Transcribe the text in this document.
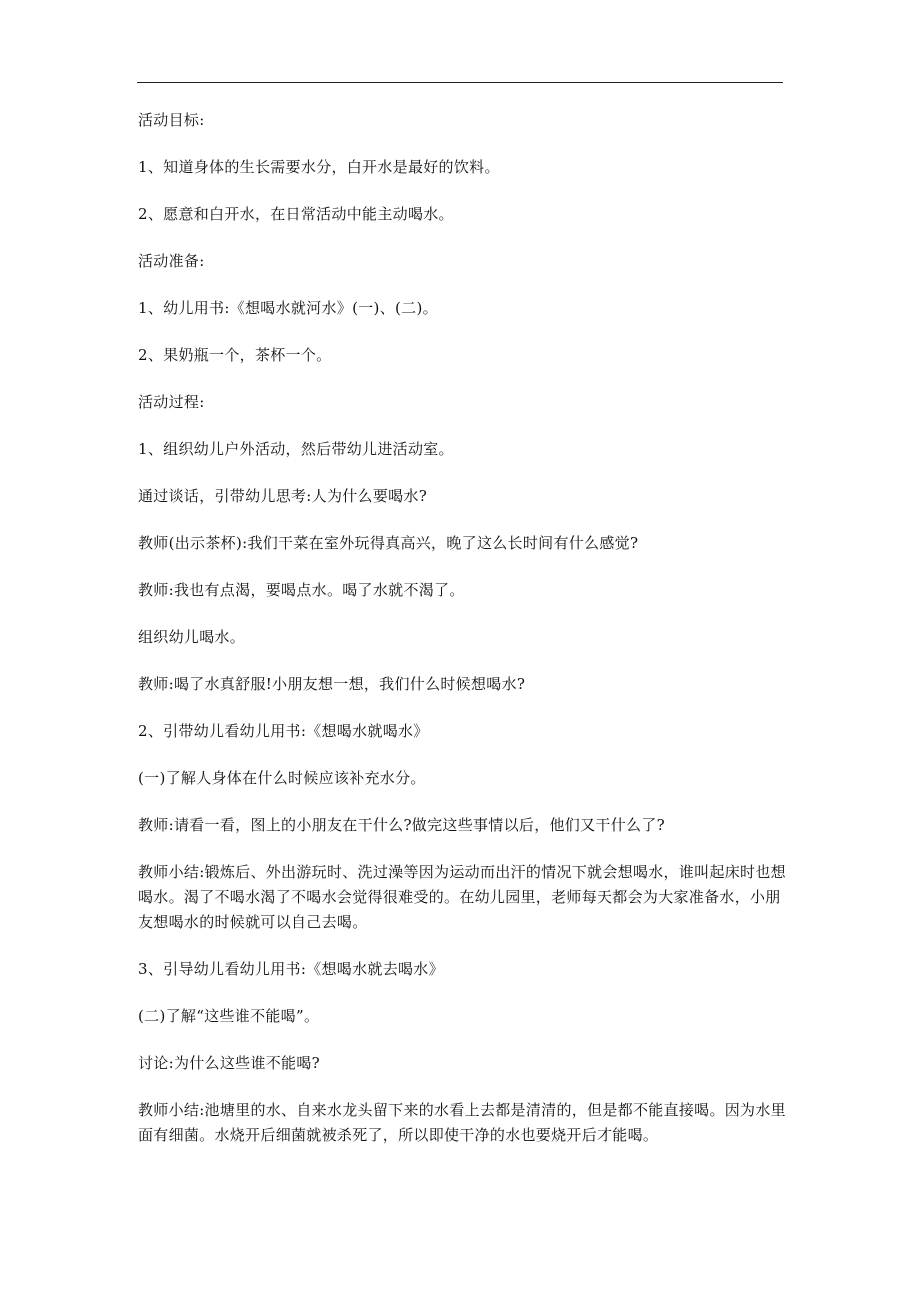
活动目标:

1、知道身体的生长需要水分，白开水是最好的饮料。

2、愿意和白开水，在日常活动中能主动喝水。

活动准备:

1、幼儿用书:《想喝水就河水》(一)、(二)。

2、果奶瓶一个，茶杯一个。

活动过程:

1、组织幼儿户外活动，然后带幼儿进活动室。

通过谈话，引带幼儿思考:人为什么要喝水?

教师(出示茶杯):我们干菜在室外玩得真高兴，晚了这么长时间有什么感觉?

教师:我也有点渴，要喝点水。喝了水就不渴了。

组织幼儿喝水。

教师:喝了水真舒服!小朋友想一想，我们什么时候想喝水?

2、引带幼儿看幼儿用书:《想喝水就喝水》

(一)了解人身体在什么时候应该补充水分。

教师:请看一看，图上的小朋友在干什么?做完这些事情以后，他们又干什么了?

教师小结:锻炼后、外出游玩时、洗过澡等因为运动而出汗的情况下就会想喝水，谁叫起床时也想喝水。渴了不喝水渴了不喝水会觉得很难受的。在幼儿园里，老师每天都会为大家准备水，小朋友想喝水的时候就可以自己去喝。

3、引导幼儿看幼儿用书:《想喝水就去喝水》

(二)了解“这些谁不能喝”。

讨论:为什么这些谁不能喝?

教师小结:池塘里的水、自来水龙头留下来的水看上去都是清清的，但是都不能直接喝。因为水里面有细菌。水烧开后细菌就被杀死了，所以即使干净的水也要烧开后才能喝。
